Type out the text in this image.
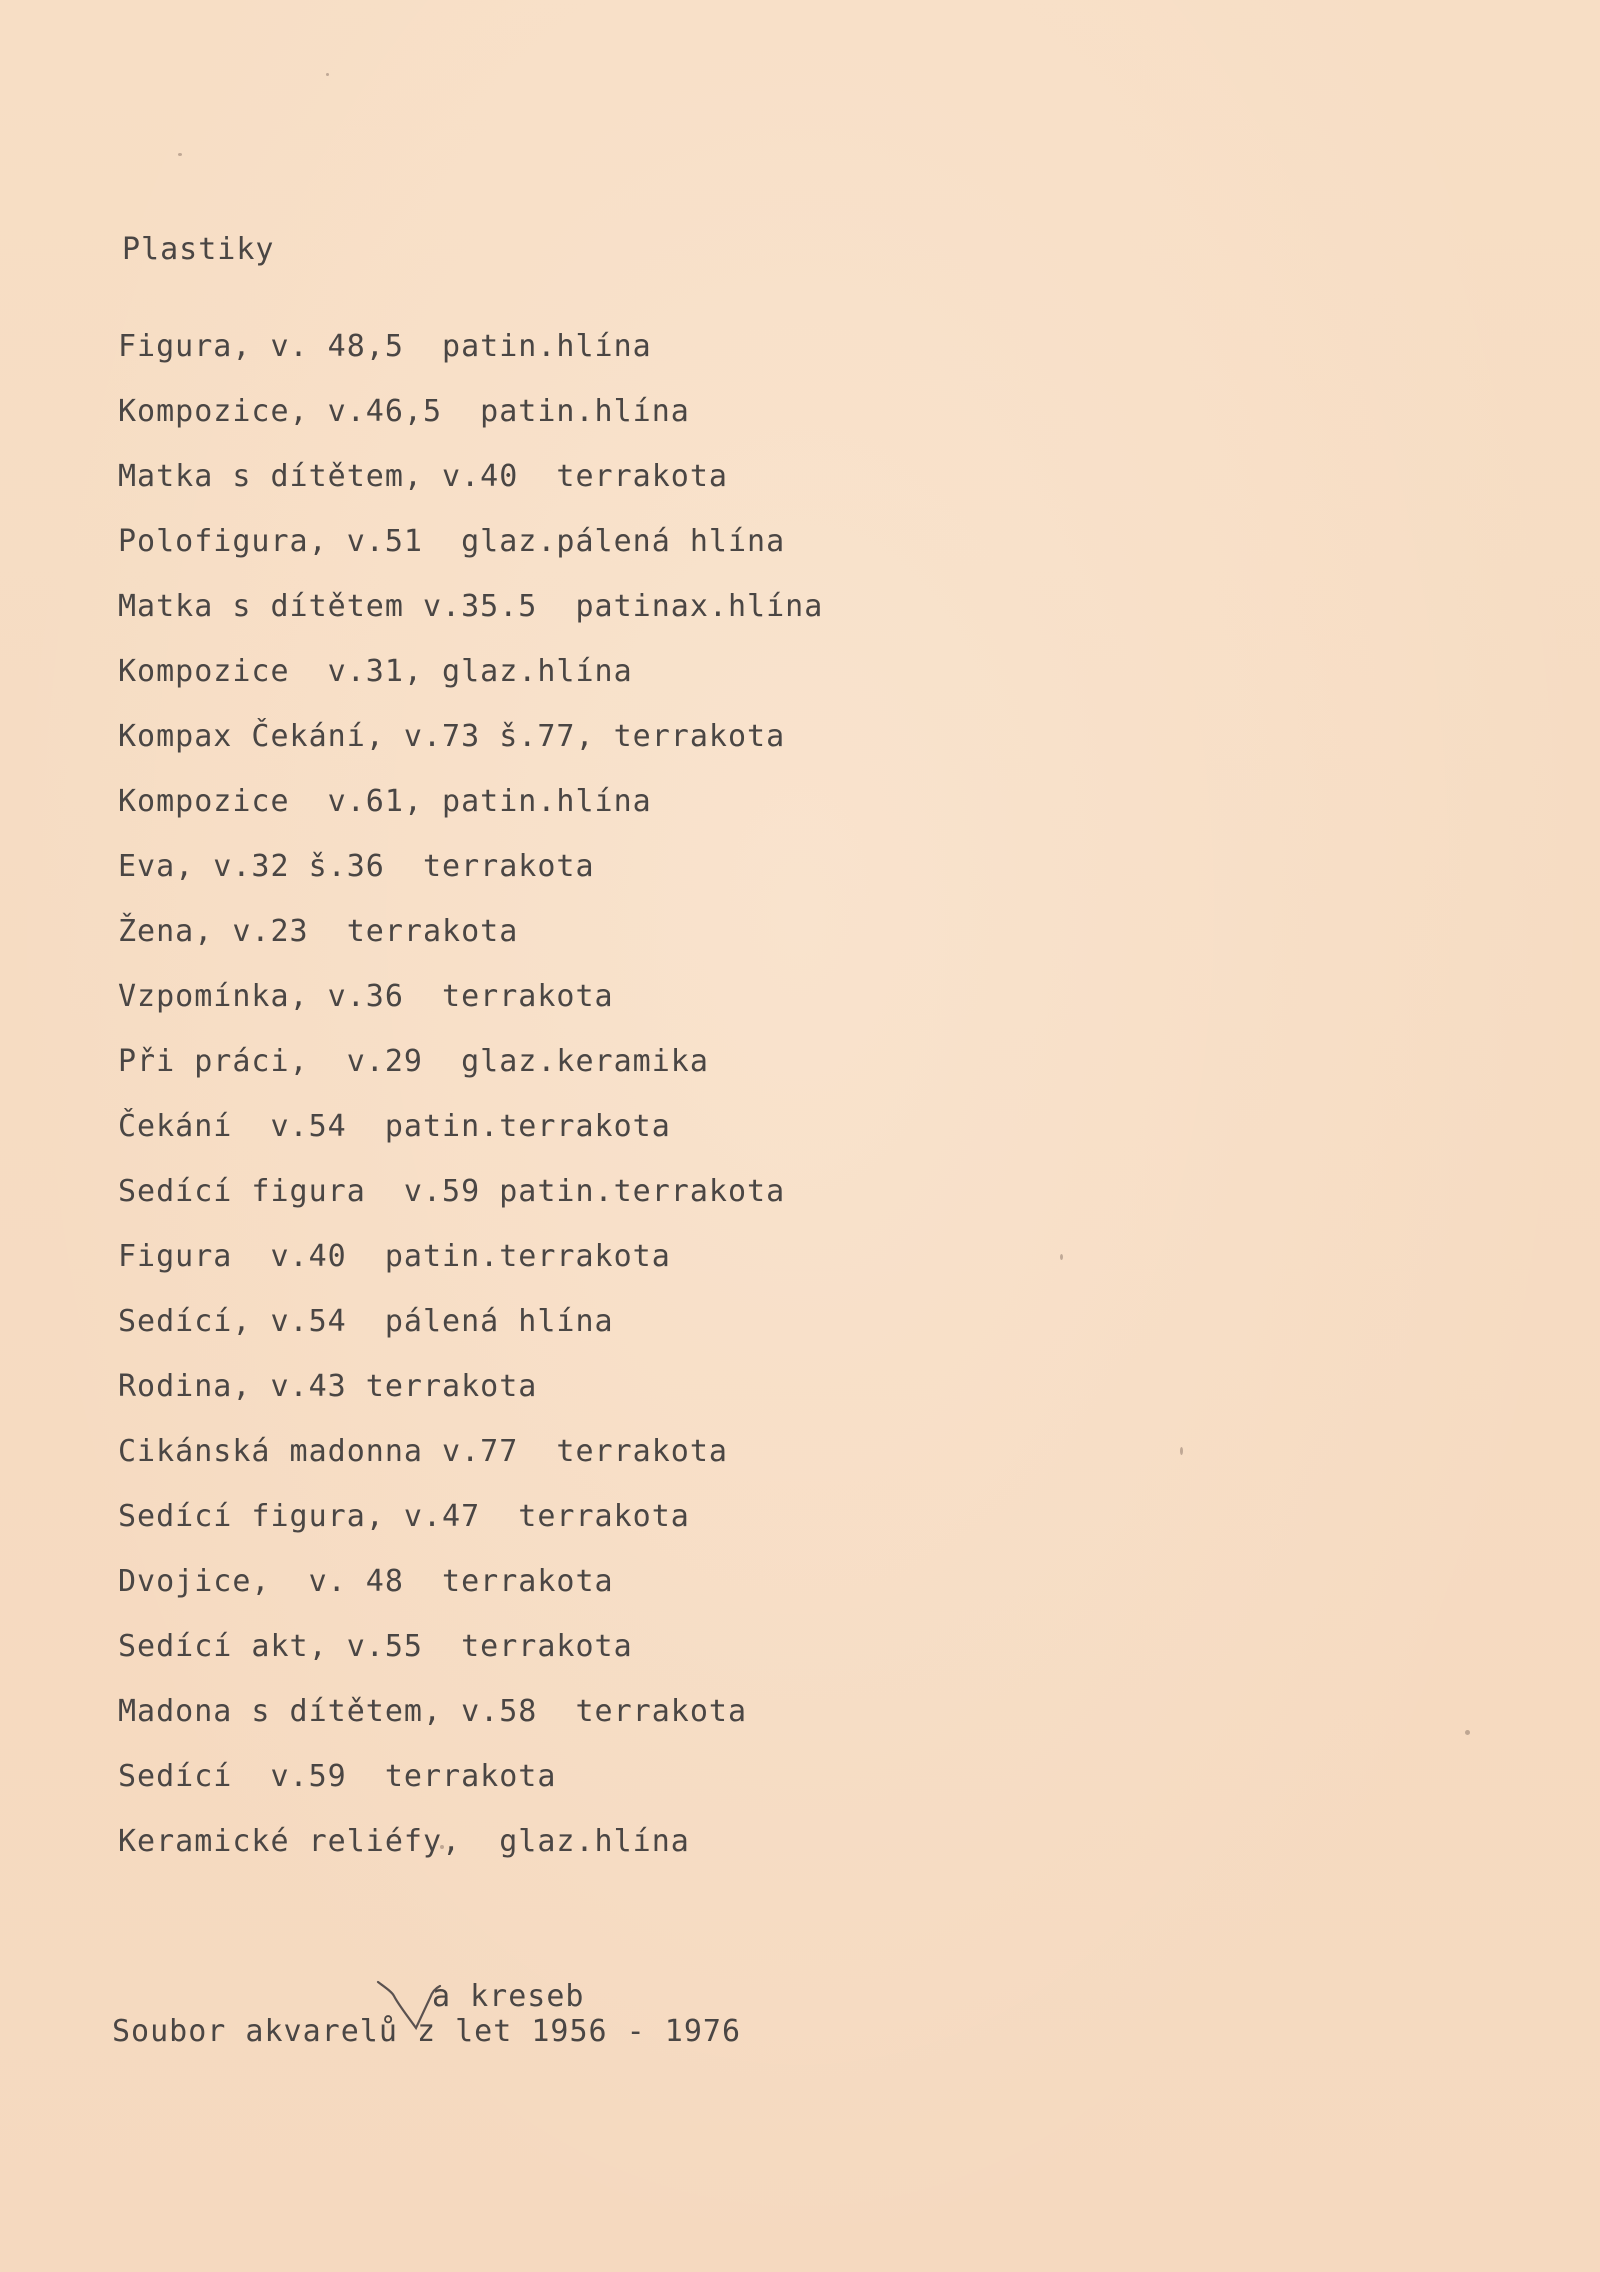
Plastiky
Figura, v. 48,5  patin.hlína
Kompozice, v.46,5  patin.hlína
Matka s dítětem, v.40  terrakota
Polofigura, v.51  glaz.pálená hlína
Matka s dítětem v.35.5  patinax.hlína
Kompozice  v.31, glaz.hlína
Kompax Čekání, v.73 š.77, terrakota
Kompozice  v.61, patin.hlína
Eva, v.32 š.36  terrakota
Žena, v.23  terrakota
Vzpomínka, v.36  terrakota
Při práci,  v.29  glaz.keramika
Čekání  v.54  patin.terrakota
Sedící figura  v.59 patin.terrakota
Figura  v.40  patin.terrakota
Sedící, v.54  pálená hlína
Rodina, v.43 terrakota
Cikánská madonna v.77  terrakota
Sedící figura, v.47  terrakota
Dvojice,  v. 48  terrakota
Sedící akt, v.55  terrakota
Madona s dítětem, v.58  terrakota
Sedící  v.59  terrakota
Keramické reliéfy,  glaz.hlína
a kreseb
Soubor akvarelů z let 1956 - 1976
